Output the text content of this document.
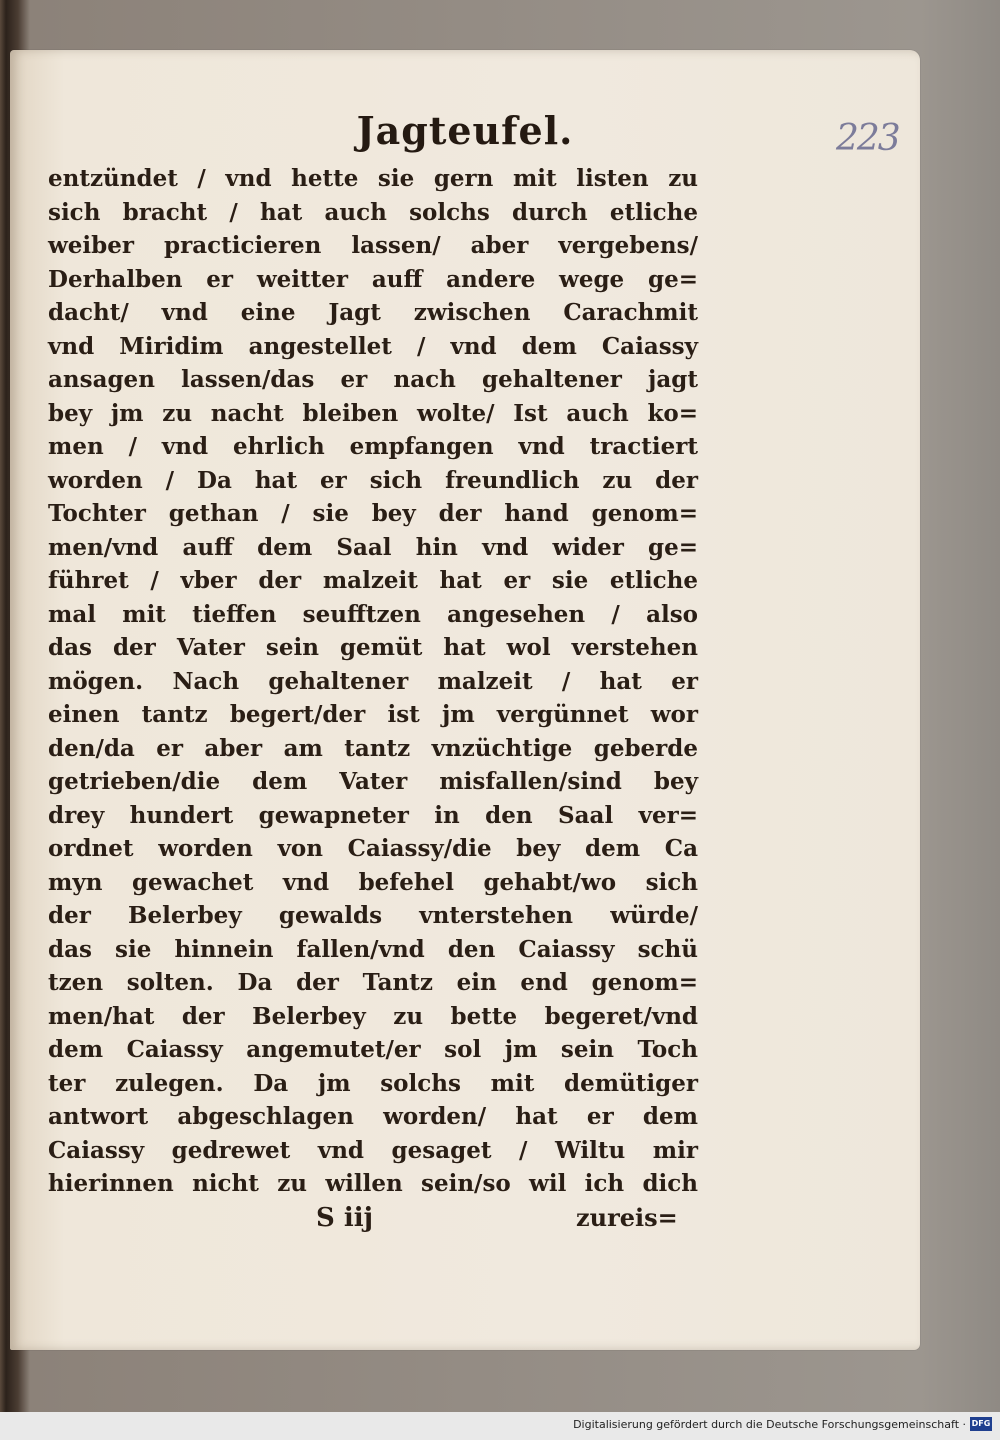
Jagteufel.	223
entzündet / vnd hette sie gern mit listen zu
sich bracht / hat auch solchs durch etliche
weiber practicieren lassen/ aber vergebens/
Derhalben er weitter auff andere wege ge=
dacht/ vnd eine Jagt zwischen Carachmit
vnd Miridim angestellet / vnd dem Caiassy
ansagen lassen/das er nach gehaltener jagt
bey jm zu nacht bleiben wolte/ Ist auch ko=
men / vnd ehrlich empfangen vnd tractiert
worden / Da hat er sich freundlich zu der
Tochter gethan / sie bey der hand genom=
men/vnd auff dem Saal hin vnd wider ge=
führet / vber der malzeit hat er sie etliche
mal mit tieffen seufftzen angesehen / also
das der Vater sein gemüt hat wol verstehen
mögen. Nach gehaltener malzeit / hat er
einen tantz begert/der ist jm vergünnet wor
den/da er aber am tantz vnzüchtige geberde
getrieben/die dem Vater misfallen/sind bey
drey hundert gewapneter in den Saal ver=
ordnet worden von Caiassy/die bey dem Ca
myn gewachet vnd befehel gehabt/wo sich
der Belerbey gewalds vnterstehen würde/
das sie hinnein fallen/vnd den Caiassy schü
tzen solten. Da der Tantz ein end genom=
men/hat der Belerbey zu bette begeret/vnd
dem Caiassy angemutet/er sol jm sein Toch
ter zulegen. Da jm solchs mit demütiger
antwort abgeschlagen worden/ hat er dem
Caiassy gedrewet vnd gesaget / Wiltu mir
hierinnen nicht zu willen sein/so wil ich dich
S iij	zureis=
Digitalisierung gefördert durch die Deutsche Forschungsgemeinschaft · DFG
